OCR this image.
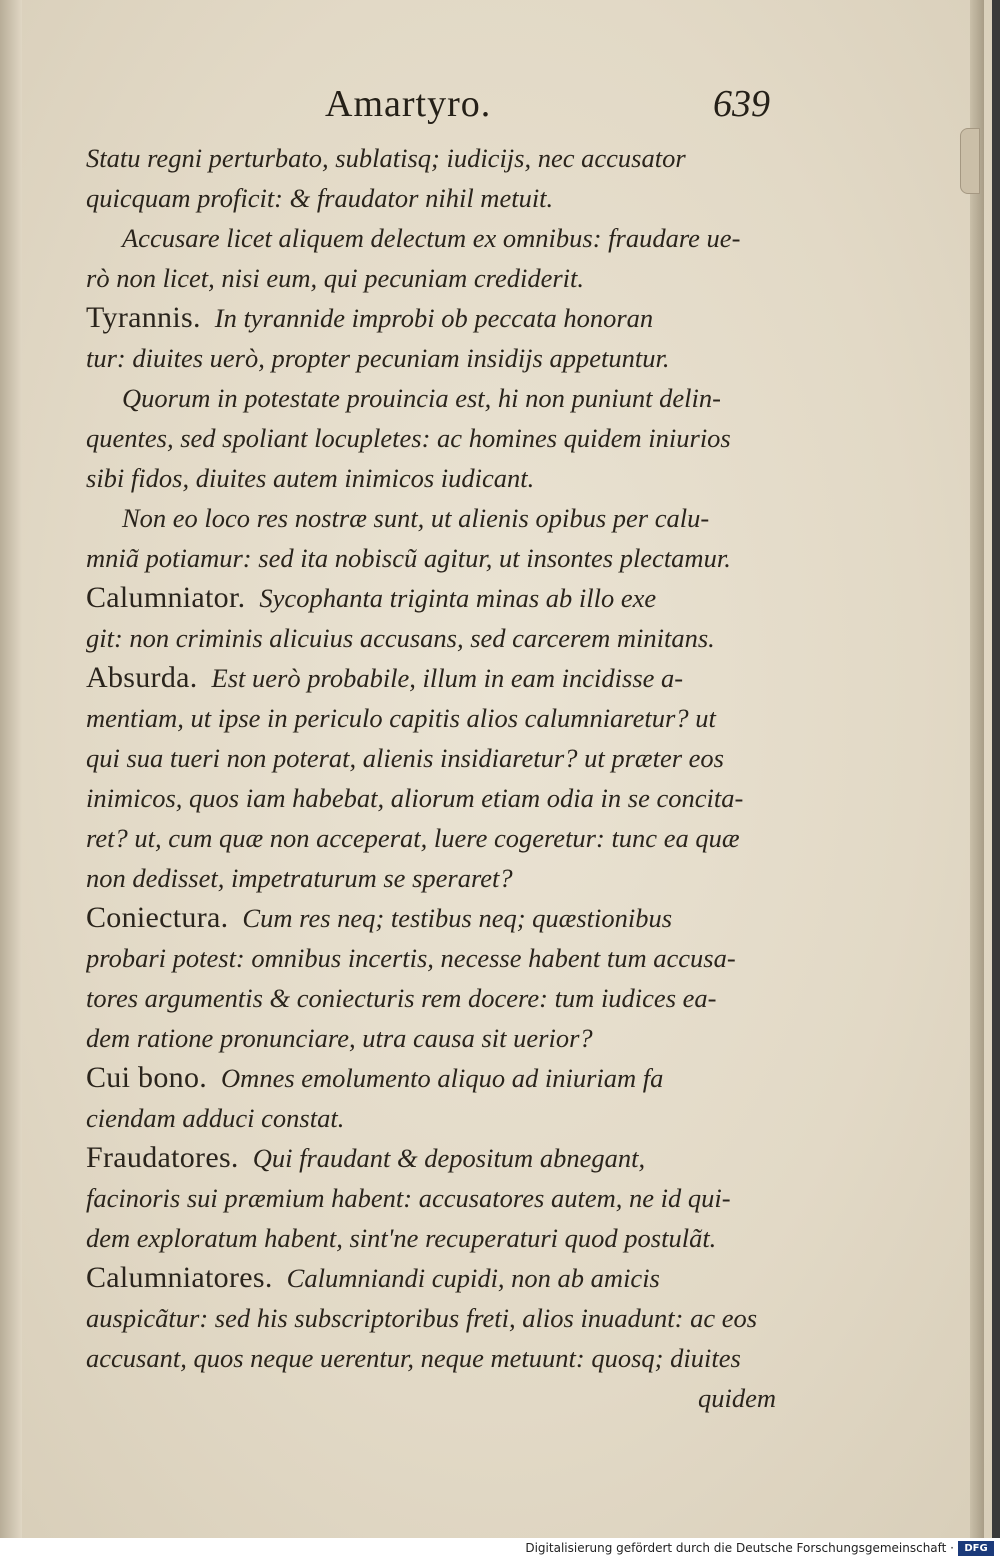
Amartyro.	639
Statu regni perturbato, sublatisq; iudicijs, nec accusator
quicquam proficit: & fraudator nihil metuit.
Accusare licet aliquem delectum ex omnibus: fraudare ue-
rò non licet, nisi eum, qui pecuniam crediderit.
Tyrannis. In tyrannide improbi ob peccata honoran
tur: diuites uerò, propter pecuniam insidijs appetuntur.
Quorum in potestate prouincia est, hi non puniunt delin-
quentes, sed spoliant locupletes: ac homines quidem iniurios
sibi fidos, diuites autem inimicos iudicant.
Non eo loco res nostræ sunt, ut alienis opibus per calu-
mniã potiamur: sed ita nobiscũ agitur, ut insontes plectamur.
Calumniator. Sycophanta triginta minas ab illo exe
git: non criminis alicuius accusans, sed carcerem minitans.
Absurda. Est uerò probabile, illum in eam incidisse a-
mentiam, ut ipse in periculo capitis alios calumniaretur? ut
qui sua tueri non poterat, alienis insidiaretur? ut præter eos
inimicos, quos iam habebat, aliorum etiam odia in se concita-
ret? ut, cum quæ non acceperat, luere cogeretur: tunc ea quæ
non dedisset, impetraturum se speraret?
Coniectura. Cum res neq; testibus neq; quæstionibus
probari potest: omnibus incertis, necesse habent tum accusa-
tores argumentis & coniecturis rem docere: tum iudices ea-
dem ratione pronunciare, utra causa sit uerior?
Cui bono. Omnes emolumento aliquo ad iniuriam fa
ciendam adduci constat.
Fraudatores. Qui fraudant & depositum abnegant,
facinoris sui præmium habent: accusatores autem, ne id qui-
dem exploratum habent, sint'ne recuperaturi quod postulãt.
Calumniatores. Calumniandi cupidi, non ab amicis
auspicãtur: sed his subscriptoribus freti, alios inuadunt: ac eos
accusant, quos neque uerentur, neque metuunt: quosq; diuites
quidem
Digitalisierung gefördert durch die Deutsche Forschungsgemeinschaft ·	DFG
